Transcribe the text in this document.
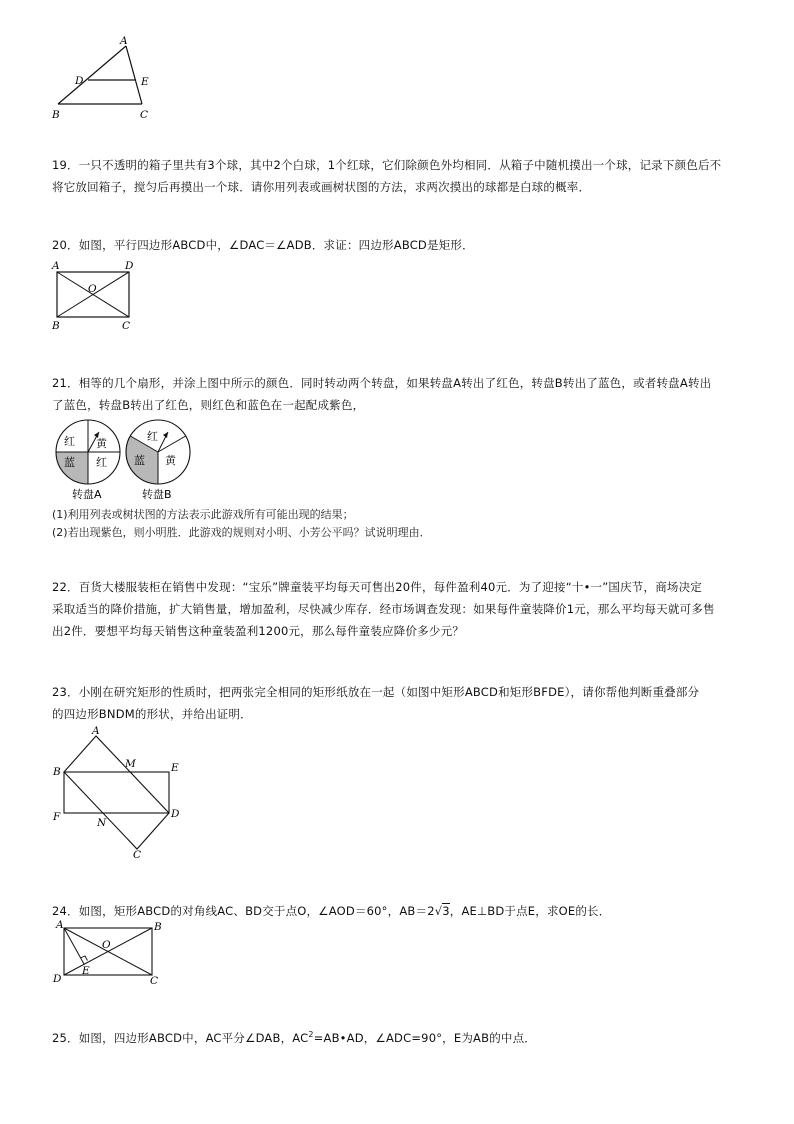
A
D	E
B	C
19．一只不透明的箱子里共有3个球，其中2个白球，1个红球，它们除颜色外均相同．从箱子中随机摸出一个球，记录下颜色后不
将它放回箱子，搅匀后再摸出一个球．请你用列表或画树状图的方法，求两次摸出的球都是白球的概率．
20．如图，平行四边形ABCD中，∠DAC＝∠ADB．求证：四边形ABCD是矩形．
A	D
O
B	C
21．相等的几个扇形，并涂上图中所示的颜色．同时转动两个转盘，如果转盘A转出了红色，转盘B转出了蓝色，或者转盘A转出
了蓝色，转盘B转出了红色，则红色和蓝色在一起配成紫色，
红 黄
蓝 红
转盘A
红
蓝 黄
转盘B
(1)利用列表或树状图的方法表示此游戏所有可能出现的结果；
(2)若出现紫色，则小明胜．此游戏的规则对小明、小芳公平吗？试说明理由．
22．百货大楼服装柜在销售中发现：“宝乐”牌童装平均每天可售出20件，每件盈利40元．为了迎接“十•一”国庆节，商场决定
采取适当的降价措施，扩大销售量，增加盈利，尽快减少库存．经市场调查发现：如果每件童装降价1元，那么平均每天就可多售
出2件．要想平均每天销售这种童装盈利1200元，那么每件童装应降价多少元？
23．小刚在研究矩形的性质时，把两张完全相同的矩形纸放在一起（如图中矩形ABCD和矩形BFDE），请你帮他判断重叠部分
的四边形BNDM的形状，并给出证明．
A
B
M	E
F	N
D
C
24．如图，矩形ABCD的对角线AC、BD交于点O，∠AOD＝60°，AB＝2√3，AE⊥BD于点E，求OE的长．
A	B
O
E
D	C
25．如图，四边形ABCD中，AC平分∠DAB，$AC^2=AB•AD$，∠ADC=90°，E为AB的中点．
